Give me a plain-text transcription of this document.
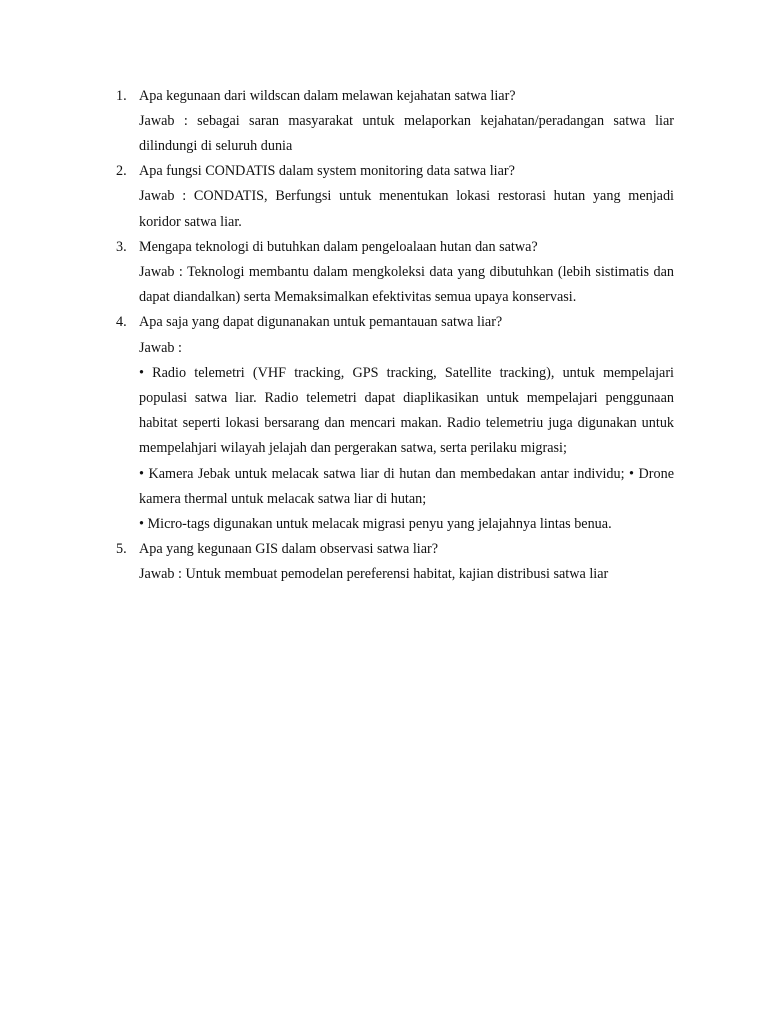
1. Apa kegunaan dari wildscan dalam melawan kejahatan satwa liar?
Jawab : sebagai saran masyarakat untuk melaporkan kejahatan/peradangan satwa liar dilindungi di seluruh dunia
2. Apa fungsi CONDATIS dalam system monitoring data satwa liar?
Jawab : CONDATIS, Berfungsi untuk menentukan lokasi restorasi hutan yang menjadi koridor satwa liar.
3. Mengapa teknologi di butuhkan dalam pengeloalaan hutan dan satwa?
Jawab : Teknologi membantu dalam mengkoleksi data yang dibutuhkan (lebih sistimatis dan dapat diandalkan) serta Memaksimalkan efektivitas semua upaya konservasi.
4. Apa saja yang dapat digunanakan untuk pemantauan satwa liar?
Jawab :
• Radio telemetri (VHF tracking, GPS tracking, Satellite tracking), untuk mempelajari populasi satwa liar. Radio telemetri dapat diaplikasikan untuk mempelajari penggunaan habitat seperti lokasi bersarang dan mencari makan. Radio telemetriu juga digunakan untuk mempelahjari wilayah jelajah dan pergerakan satwa, serta perilaku migrasi;
• Kamera Jebak untuk melacak satwa liar di hutan dan membedakan antar individu; • Drone kamera thermal untuk melacak satwa liar di hutan;
• Micro-tags digunakan untuk melacak migrasi penyu yang jelajahnya lintas benua.
5. Apa yang kegunaan GIS dalam observasi satwa liar?
Jawab : Untuk membuat pemodelan pereferensi habitat, kajian distribusi satwa liar
